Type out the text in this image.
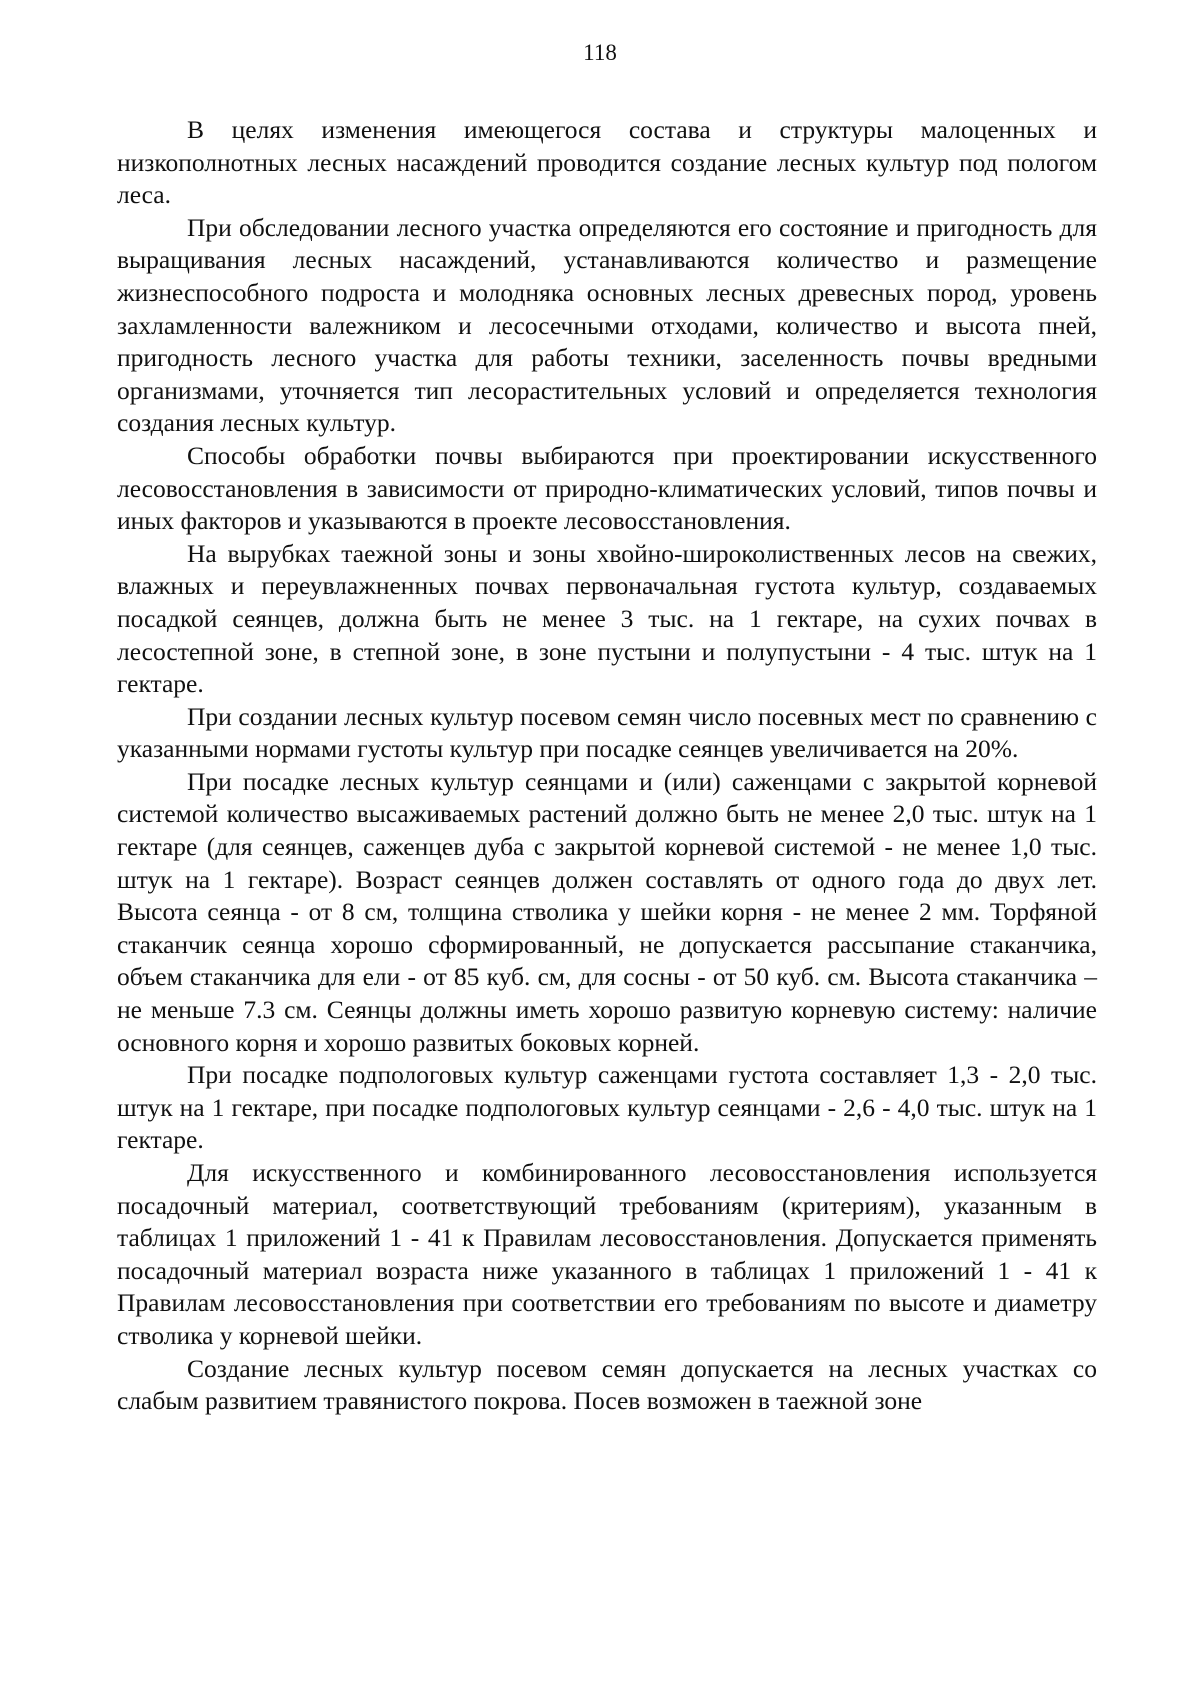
118

В целях изменения имеющегося состава и структуры малоценных и низкополнотных лесных насаждений проводится создание лесных культур под пологом леса.

При обследовании лесного участка определяются его состояние и пригодность для выращивания лесных насаждений, устанавливаются количество и размещение жизнеспособного подроста и молодняка основных лесных древесных пород, уровень захламленности валежником и лесосечными отходами, количество и высота пней, пригодность лесного участка для работы техники, заселенность почвы вредными организмами, уточняется тип лесорастительных условий и определяется технология создания лесных культур.

Способы обработки почвы выбираются при проектировании искусственного лесовосстановления в зависимости от природно-климатических условий, типов почвы и иных факторов и указываются в проекте лесовосстановления.

На вырубках таежной зоны и зоны хвойно-широколиственных лесов на свежих, влажных и переувлажненных почвах первоначальная густота культур, создаваемых посадкой сеянцев, должна быть не менее 3 тыс. на 1 гектаре, на сухих почвах в лесостепной зоне, в степной зоне, в зоне пустыни и полупустыни - 4 тыс. штук на 1 гектаре.

При создании лесных культур посевом семян число посевных мест по сравнению с указанными нормами густоты культур при посадке сеянцев увеличивается на 20%.

При посадке лесных культур сеянцами и (или) саженцами с закрытой корневой системой количество высаживаемых растений должно быть не менее 2,0 тыс. штук на 1 гектаре (для сеянцев, саженцев дуба с закрытой корневой системой - не менее 1,0 тыс. штук на 1 гектаре). Возраст сеянцев должен составлять от одного года до двух лет. Высота сеянца - от 8 см, толщина стволика у шейки корня - не менее 2 мм. Торфяной стаканчик сеянца хорошо сформированный, не допускается рассыпание стаканчика, объем стаканчика для ели - от 85 куб. см, для сосны - от 50 куб. см. Высота стаканчика – не меньше 7.3 см. Сеянцы должны иметь хорошо развитую корневую систему: наличие основного корня и хорошо развитых боковых корней.

При посадке подпологовых культур саженцами густота составляет 1,3 - 2,0 тыс. штук на 1 гектаре, при посадке подпологовых культур сеянцами - 2,6 - 4,0 тыс. штук на 1 гектаре.

Для искусственного и комбинированного лесовосстановления используется посадочный материал, соответствующий требованиям (критериям), указанным в таблицах 1 приложений 1 - 41 к Правилам лесовосстановления. Допускается применять посадочный материал возраста ниже указанного в таблицах 1 приложений 1 - 41 к Правилам лесовосстановления при соответствии его требованиям по высоте и диаметру стволика у корневой шейки.

Создание лесных культур посевом семян допускается на лесных участках со слабым развитием травянистого покрова. Посев возможен в таежной зоне
